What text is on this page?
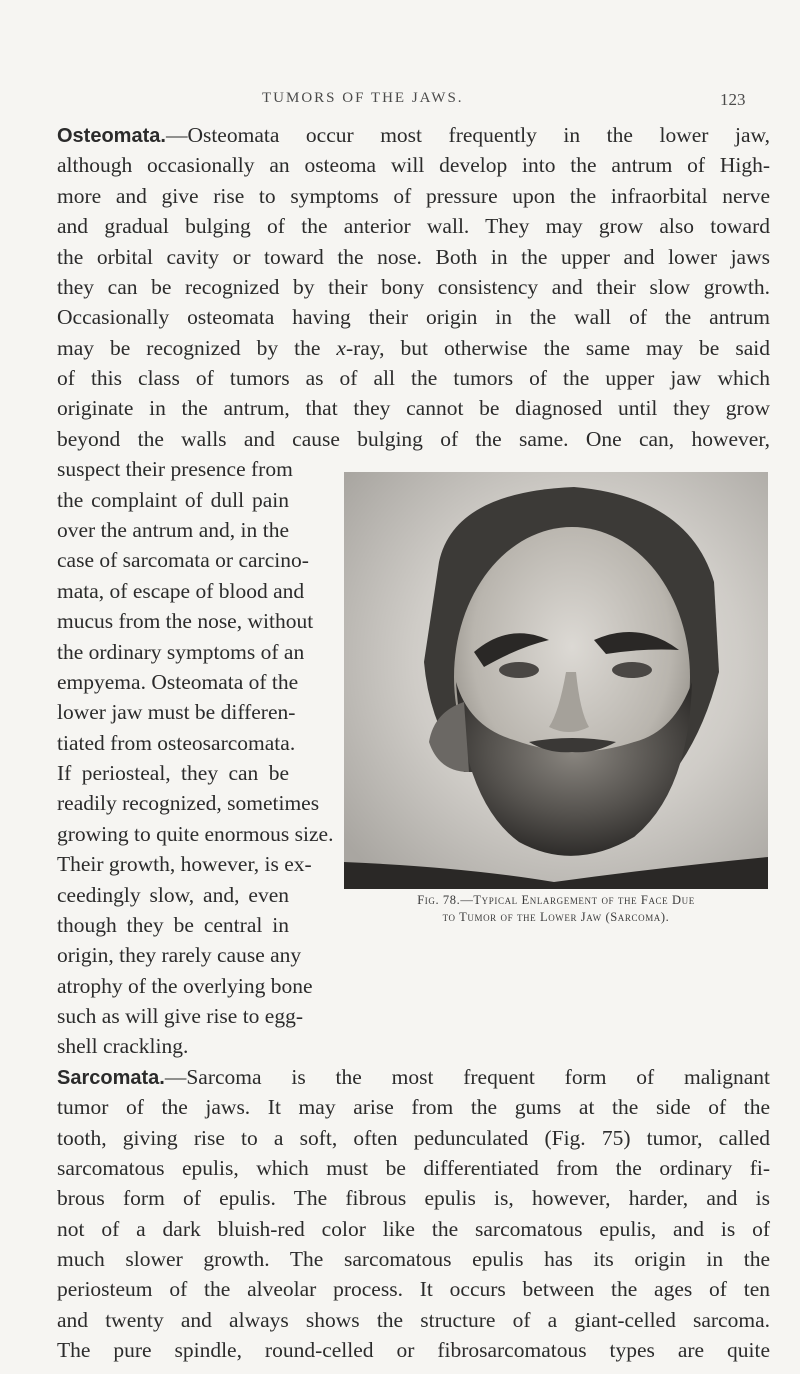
TUMORS OF THE JAWS.	123
Osteomata.—Osteomata occur most frequently in the lower jaw,
although occasionally an osteoma will develop into the antrum of High-
more and give rise to symptoms of pressure upon the infraorbital nerve
and gradual bulging of the anterior wall. They may grow also toward
the orbital cavity or toward the nose. Both in the upper and lower jaws
they can be recognized by their bony consistency and their slow growth.
Occasionally osteomata having their origin in the wall of the antrum
may be recognized by the x-ray, but otherwise the same may be said
of this class of tumors as of all the tumors of the upper jaw which
originate in the antrum, that they cannot be diagnosed until they grow
beyond the walls and cause bulging of the same. One can, however,
suspect their presence from
the complaint of dull pain
over the antrum and, in the
case of sarcomata or carcino-
mata, of escape of blood and
mucus from the nose, without
the ordinary symptoms of an
empyema. Osteomata of the
lower jaw must be differen-
tiated from osteosarcomata.
If periosteal, they can be
readily recognized, sometimes
growing to quite enormous size.
Their growth, however, is ex-
ceedingly slow, and, even
though they be central in
origin, they rarely cause any
atrophy of the overlying bone
such as will give rise to egg-
shell crackling.
Sarcomata.—Sarcoma is the most frequent form of malignant
tumor of the jaws. It may arise from the gums at the side of the
tooth, giving rise to a soft, often pedunculated (Fig. 75) tumor, called
sarcomatous epulis, which must be differentiated from the ordinary fi-
brous form of epulis. The fibrous epulis is, however, harder, and is
not of a dark bluish-red color like the sarcomatous epulis, and is of
much slower growth. The sarcomatous epulis has its origin in the
periosteum of the alveolar process. It occurs between the ages of ten
and twenty and always shows the structure of a giant-celled sarcoma.
The pure spindle, round-celled or fibrosarcomatous types are quite
Fig. 78.—Typical Enlargement of the Face Due
to Tumor of the Lower Jaw (Sarcoma).
